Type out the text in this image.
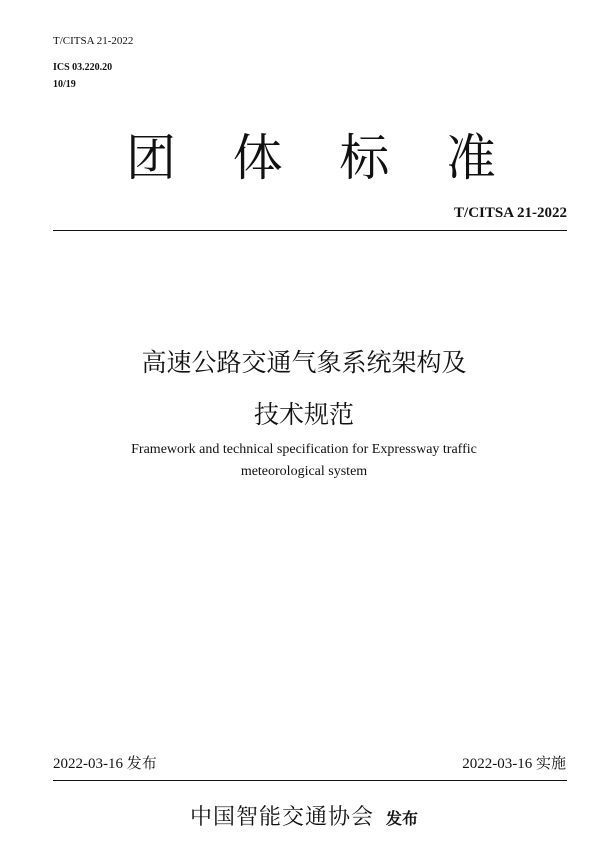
T/CITSA 21-2022
ICS 03.220.20
10/19
团 体 标 准
T/CITSA 21-2022
高速公路交通气象系统架构及
技术规范
Framework and technical specification for Expressway traffic
meteorological system
2022-03-16 发布	2022-03-16 实施
中国智能交通协会 发布
